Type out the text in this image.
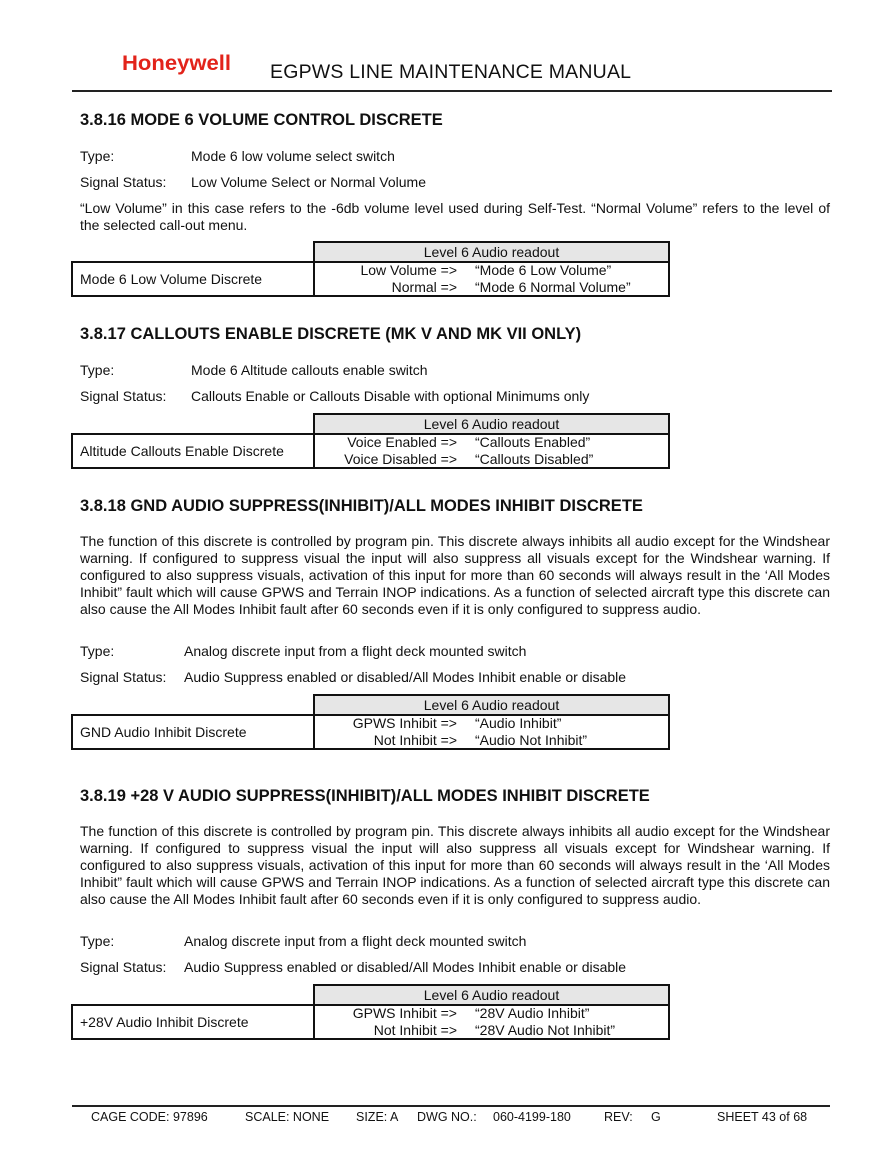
Honeywell EGPWS LINE MAINTENANCE MANUAL
3.8.16 MODE 6 VOLUME CONTROL DISCRETE
Type:	Mode 6 low volume select switch
Signal Status: Low Volume Select or Normal Volume
“Low Volume” in this case refers to the -6db volume level used during Self-Test. “Normal Volume” refers to the level of the selected call-out menu.
Level 6 Audio readout
Mode 6 Low Volume Discrete
Low Volume => “Mode 6 Low Volume”
Normal => “Mode 6 Normal Volume”
3.8.17 CALLOUTS ENABLE DISCRETE (MK V AND MK VII ONLY)
Type:	Mode 6 Altitude callouts enable switch
Signal Status: Callouts Enable or Callouts Disable with optional Minimums only
Level 6 Audio readout
Altitude Callouts Enable Discrete
Voice Enabled => “Callouts Enabled”
Voice Disabled => “Callouts Disabled”
3.8.18 GND AUDIO SUPPRESS(INHIBIT)/ALL MODES INHIBIT DISCRETE
The function of this discrete is controlled by program pin. This discrete always inhibits all audio except for the Windshear warning. If configured to suppress visual the input will also suppress all visuals except for the Windshear warning. If configured to also suppress visuals, activation of this input for more than 60 seconds will always result in the ‘All Modes Inhibit” fault which will cause GPWS and Terrain INOP indications. As a function of selected aircraft type this discrete can also cause the All Modes Inhibit fault after 60 seconds even if it is only configured to suppress audio.
Type:	Analog discrete input from a flight deck mounted switch
Signal Status: Audio Suppress enabled or disabled/All Modes Inhibit enable or disable
Level 6 Audio readout
GND Audio Inhibit Discrete
GPWS Inhibit => “Audio Inhibit”
Not Inhibit => “Audio Not Inhibit”
3.8.19 +28 V AUDIO SUPPRESS(INHIBIT)/ALL MODES INHIBIT DISCRETE
The function of this discrete is controlled by program pin. This discrete always inhibits all audio except for the Windshear warning. If configured to suppress visual the input will also suppress all visuals except for Windshear warning. If configured to also suppress visuals, activation of this input for more than 60 seconds will always result in the ‘All Modes Inhibit” fault which will cause GPWS and Terrain INOP indications. As a function of selected aircraft type this discrete can also cause the All Modes Inhibit fault after 60 seconds even if it is only configured to suppress audio.
Type:	Analog discrete input from a flight deck mounted switch
Signal Status: Audio Suppress enabled or disabled/All Modes Inhibit enable or disable
Level 6 Audio readout
+28V Audio Inhibit Discrete
GPWS Inhibit => “28V Audio Inhibit”
Not Inhibit => “28V Audio Not Inhibit”
CAGE CODE: 97896	SCALE: NONE SIZE: A DWG NO.: 060-4199-180	REV: G	SHEET 43 of 68
